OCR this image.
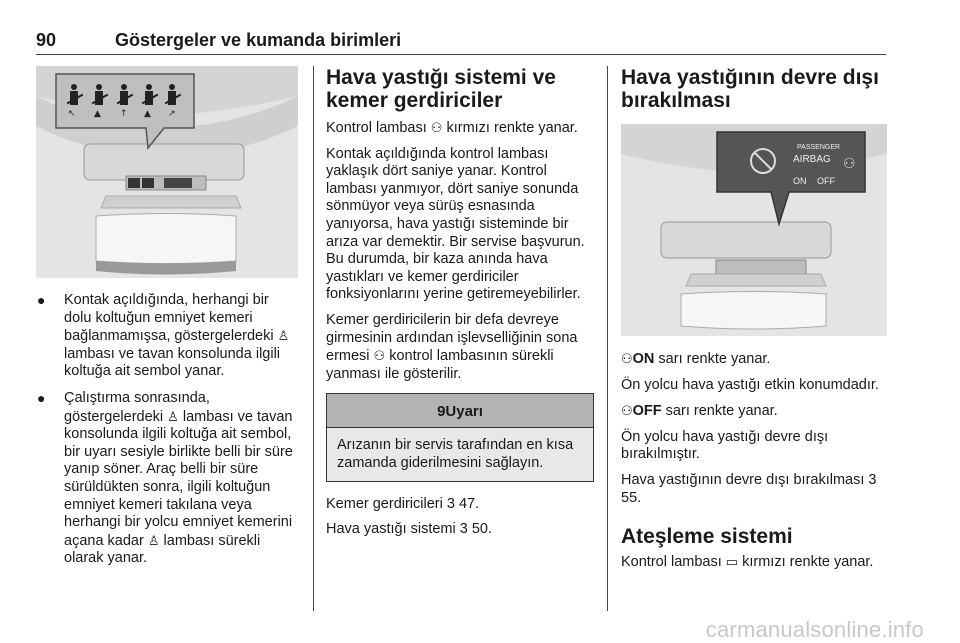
90	Göstergeler ve kumanda birimleri
↖ ▲ ↑ ▲ ↗
● Kontak açıldığında, herhangi bir dolu koltuğun emniyet kemeri bağlanmamışsa, göstergelerdeki ♙ lambası ve tavan konsolunda ilgili koltuğa ait sembol yanar.
● Çalıştırma sonrasında, göstergelerdeki ♙ lambası ve tavan konsolunda ilgili koltuğa ait sembol, bir uyarı sesiyle birlikte belli bir süre yanıp söner. Araç belli bir süre sürüldükten sonra, ilgili koltuğun emniyet kemeri takılana veya herhangi bir yolcu emniyet kemerini açana kadar ♙ lambası sürekli olarak yanar.
Hava yastığı sistemi ve kemer gerdiriciler

Kontrol lambası ⚇ kırmızı renkte yanar.

Kontak açıldığında kontrol lambası yaklaşık dört saniye yanar. Kontrol lambası yanmıyor, dört saniye sonunda sönmüyor veya sürüş esnasında yanıyorsa, hava yastığı sisteminde bir arıza var demektir. Bir servise başvurun. Bu durumda, bir kaza anında hava yastıkları ve kemer gerdiriciler fonksiyonlarını yerine getiremeyebilirler.

Kemer gerdiricilerin bir defa devreye girmesinin ardından işlevselliğinin sona ermesi ⚇ kontrol lambasının sürekli yanması ile gösterilir.

9Uyarı
Arızanın bir servis tarafından en kısa zamanda giderilmesini sağlayın.

Kemer gerdiricileri 3 47.

Hava yastığı sistemi 3 50.

Hava yastığının devre dışı bırakılması
PASSENGER
AIRBAG
ON OFF
⚇

⚇ON sarı renkte yanar.

Ön yolcu hava yastığı etkin konumdadır.

⚇OFF sarı renkte yanar.

Ön yolcu hava yastığı devre dışı bırakılmıştır.

Hava yastığının devre dışı bırakılması 3 55.

Ateşleme sistemi

Kontrol lambası ▭ kırmızı renkte yanar.

carmanualsonline.info
